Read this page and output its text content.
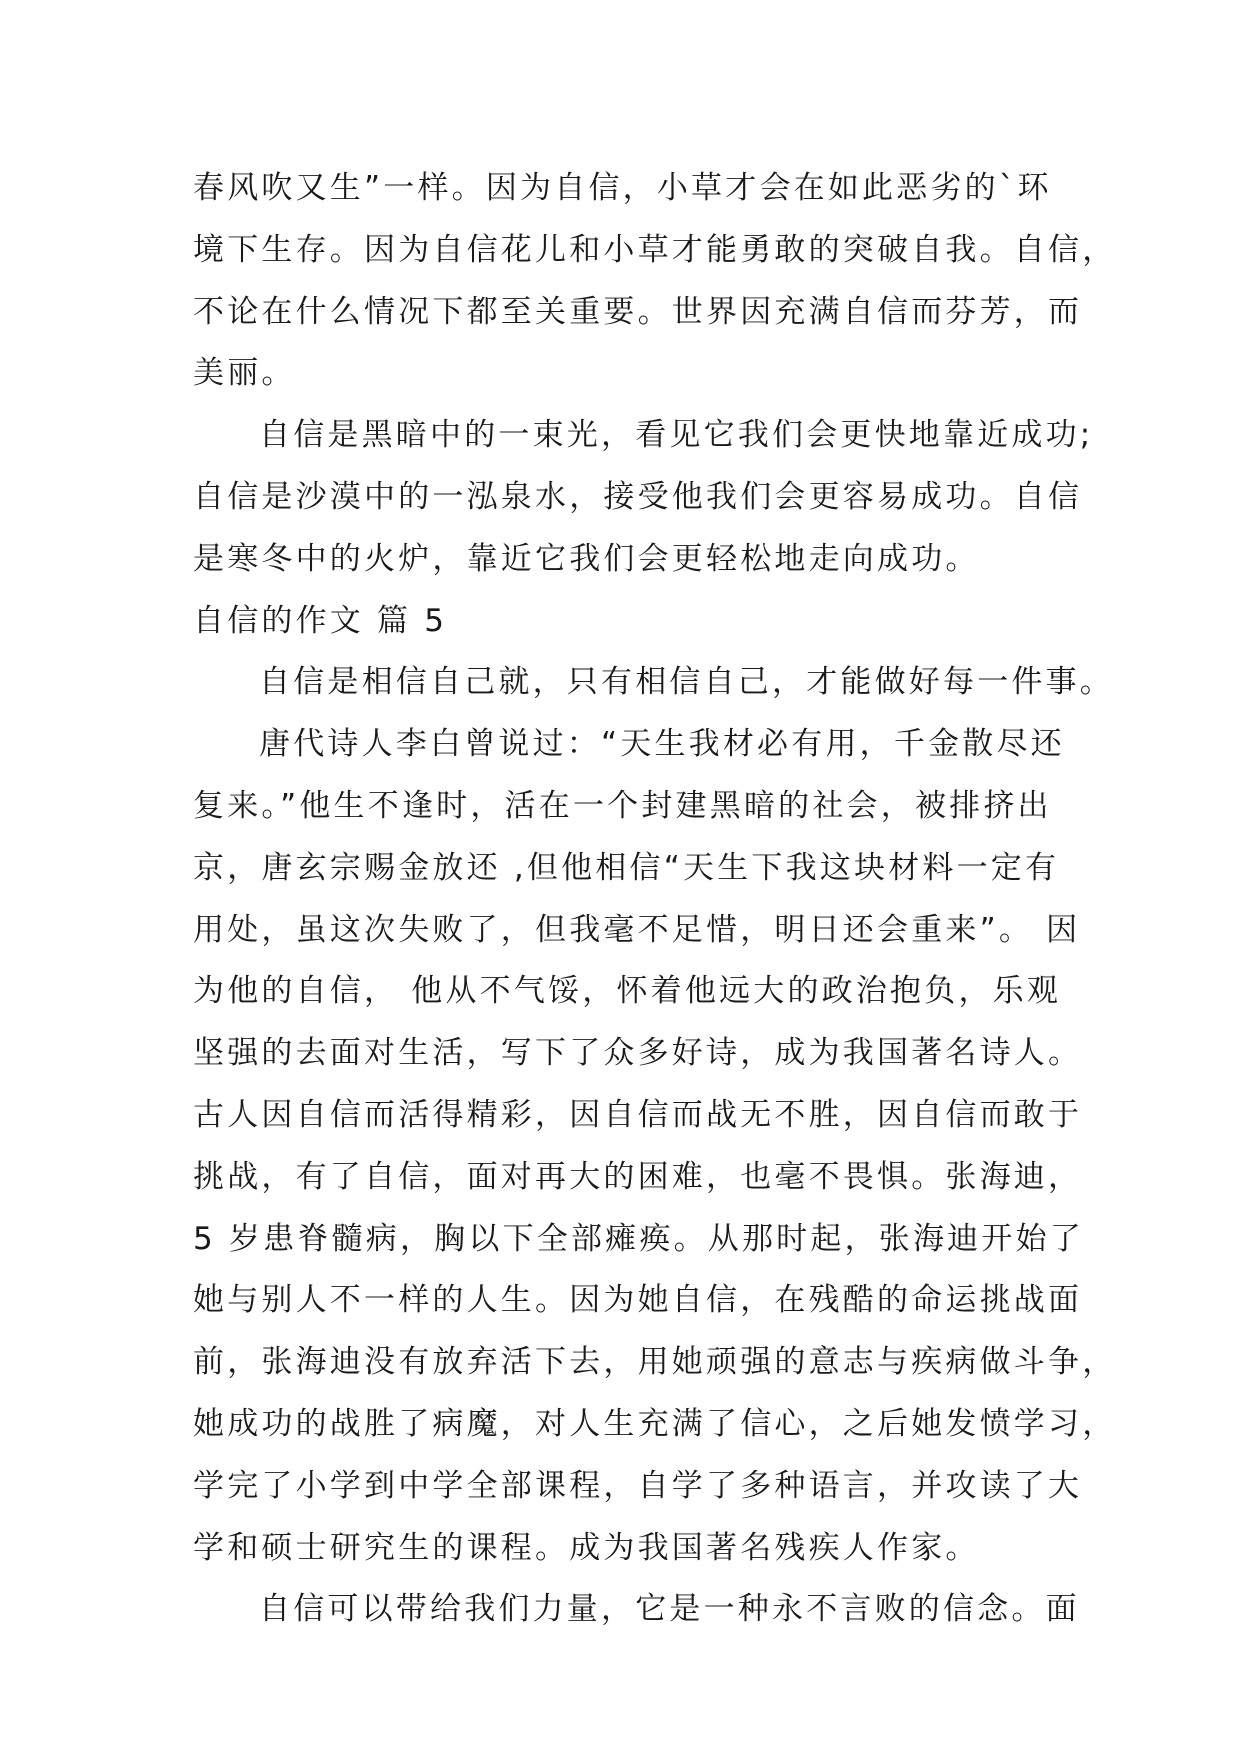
春风吹又生”一样。因为自信，小草才会在如此恶劣的`环
境下生存。因为自信花儿和小草才能勇敢的突破自我。自信，
不论在什么情况下都至关重要。世界因充满自信而芬芳，而
美丽。
自信是黑暗中的一束光，看见它我们会更快地靠近成功;
自信是沙漠中的一泓泉水，接受他我们会更容易成功。自信
是寒冬中的火炉，靠近它我们会更轻松地走向成功。
自信的作文 篇 5
自信是相信自己就，只有相信自己，才能做好每一件事。
唐代诗人李白曾说过：“天生我材必有用，千金散尽还
复来。”他生不逢时，活在一个封建黑暗的社会，被排挤出
京，唐玄宗赐金放还 ,但他相信“天生下我这块材料一定有
用处，虽这次失败了，但我毫不足惜，明日还会重来”。 因
为他的自信， 他从不气馁，怀着他远大的政治抱负，乐观
坚强的去面对生活，写下了众多好诗，成为我国著名诗人。
古人因自信而活得精彩，因自信而战无不胜，因自信而敢于
挑战，有了自信，面对再大的困难，也毫不畏惧。张海迪，
5 岁患脊髓病，胸以下全部瘫痪。从那时起，张海迪开始了
她与别人不一样的人生。因为她自信，在残酷的命运挑战面
前，张海迪没有放弃活下去，用她顽强的意志与疾病做斗争，
她成功的战胜了病魔，对人生充满了信心，之后她发愤学习，
学完了小学到中学全部课程，自学了多种语言，并攻读了大
学和硕士研究生的课程。成为我国著名残疾人作家。
自信可以带给我们力量，它是一种永不言败的信念。面
